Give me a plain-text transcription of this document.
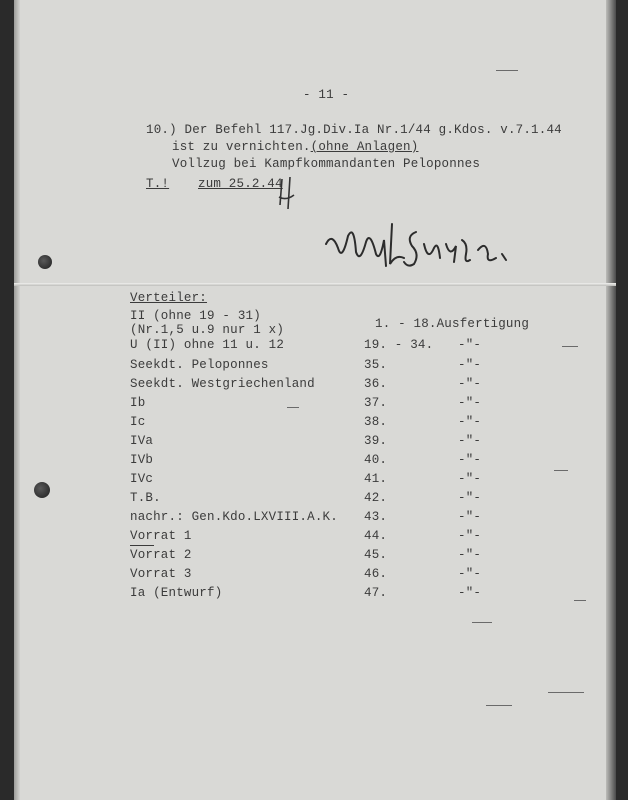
- 11 -
10.) Der Befehl 117.Jg.Div.Ia Nr.1/44 g.Kdos. v.7.1.44
ist zu vernichten.(ohne Anlagen)
Vollzug bei Kampfkommandanten Peloponnes
T.! zum 25.2.44
Verteiler:
II (ohne 19 - 31)
(Nr.1,5 u.9 nur 1 x)	1. - 18.Ausfertigung
U (II) ohne 11 u. 12	19. - 34. -"-
Seekdt. Peloponnes	35.	-"-
Seekdt. Westgriechenland	36.	-"-
Ib	37.	-"-
Ic	38.	-"-
IVa	39.	-"-
IVb	40.	-"-
IVc	41.	-"-
T.B.	42.	-"-
nachr.: Gen.Kdo.LXVIII.A.K. 43.	-"-
Vorrat 1	44.	-"-
Vorrat 2	45.	-"-
Vorrat 3	46.	-"-
Ia (Entwurf)	47.	-"-
